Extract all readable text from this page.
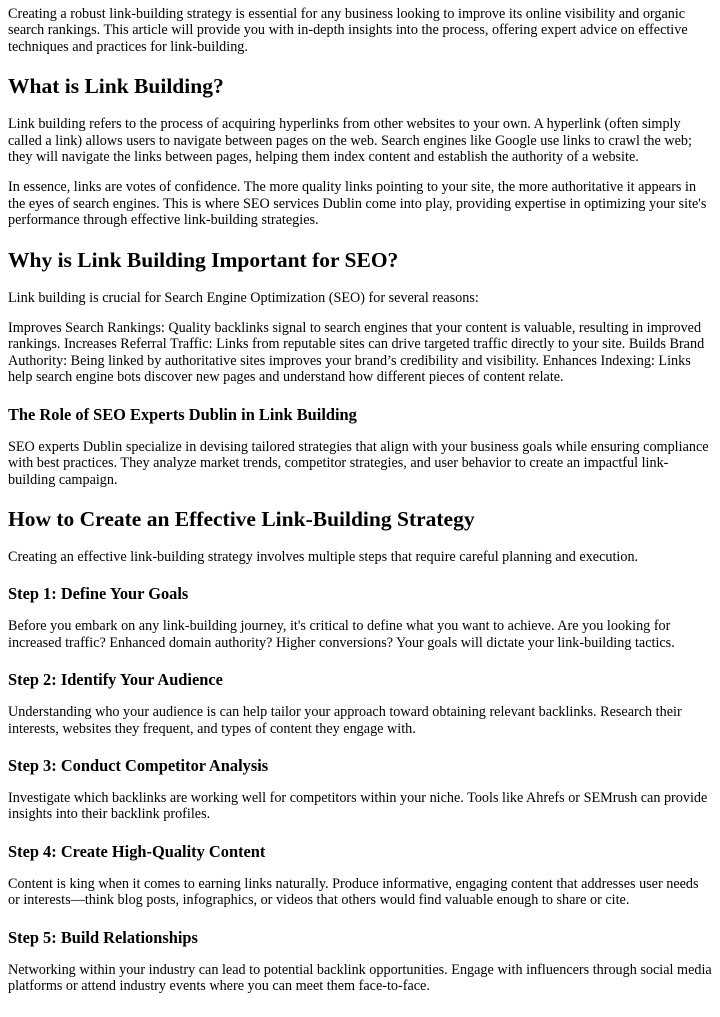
Creating a robust link-building strategy is essential for any business looking to improve its online visibility and organic search rankings. This article will provide you with in-depth insights into the process, offering expert advice on effective techniques and practices for link-building.

What is Link Building?

Link building refers to the process of acquiring hyperlinks from other websites to your own. A hyperlink (often simply called a link) allows users to navigate between pages on the web. Search engines like Google use links to crawl the web; they will navigate the links between pages, helping them index content and establish the authority of a website.

In essence, links are votes of confidence. The more quality links pointing to your site, the more authoritative it appears in the eyes of search engines. This is where SEO services Dublin come into play, providing expertise in optimizing your site's performance through effective link-building strategies.

Why is Link Building Important for SEO?

Link building is crucial for Search Engine Optimization (SEO) for several reasons:

Improves Search Rankings: Quality backlinks signal to search engines that your content is valuable, resulting in improved rankings. Increases Referral Traffic: Links from reputable sites can drive targeted traffic directly to your site. Builds Brand Authority: Being linked by authoritative sites improves your brand’s credibility and visibility. Enhances Indexing: Links help search engine bots discover new pages and understand how different pieces of content relate.

The Role of SEO Experts Dublin in Link Building

SEO experts Dublin specialize in devising tailored strategies that align with your business goals while ensuring compliance with best practices. They analyze market trends, competitor strategies, and user behavior to create an impactful link-building campaign.

How to Create an Effective Link-Building Strategy

Creating an effective link-building strategy involves multiple steps that require careful planning and execution.

Step 1: Define Your Goals

Before you embark on any link-building journey, it's critical to define what you want to achieve. Are you looking for increased traffic? Enhanced domain authority? Higher conversions? Your goals will dictate your link-building tactics.

Step 2: Identify Your Audience

Understanding who your audience is can help tailor your approach toward obtaining relevant backlinks. Research their interests, websites they frequent, and types of content they engage with.

Step 3: Conduct Competitor Analysis

Investigate which backlinks are working well for competitors within your niche. Tools like Ahrefs or SEMrush can provide insights into their backlink profiles.

Step 4: Create High-Quality Content

Content is king when it comes to earning links naturally. Produce informative, engaging content that addresses user needs or interests—think blog posts, infographics, or videos that others would find valuable enough to share or cite.

Step 5: Build Relationships

Networking within your industry can lead to potential backlink opportunities. Engage with influencers through social media platforms or attend industry events where you can meet them face-to-face.
